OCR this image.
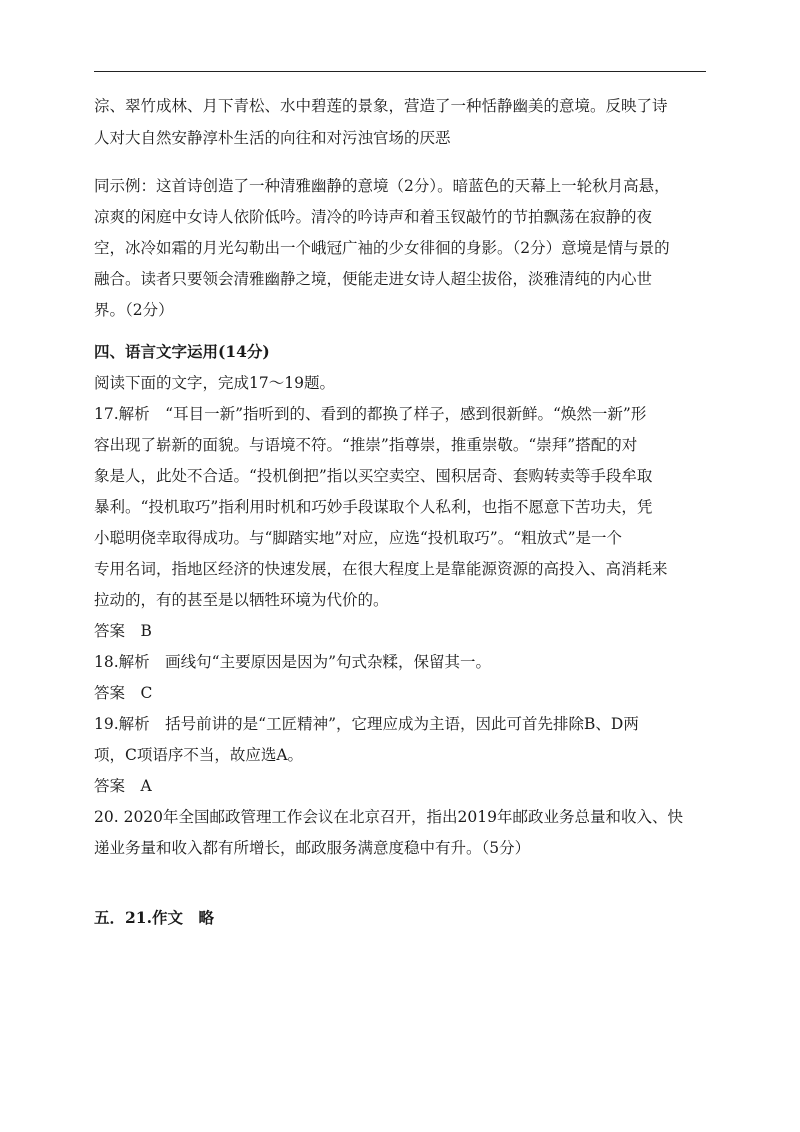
淙、翠竹成林、月下青松、水中碧莲的景象，营造了一种恬静幽美的意境。反映了诗
人对大自然安静淳朴生活的向往和对污浊官场的厌恶
同示例：这首诗创造了一种清雅幽静的意境（2分）。暗蓝色的天幕上一轮秋月高悬，
凉爽的闲庭中女诗人依阶低吟。清冷的吟诗声和着玉钗敲竹的节拍飘荡在寂静的夜
空，冰冷如霜的月光勾勒出一个峨冠广袖的少女徘徊的身影。（2分）意境是情与景的
融合。读者只要领会清雅幽静之境，便能走进女诗人超尘拔俗，淡雅清纯的内心世
界。（2分）
四、语言文字运用(14分)
阅读下面的文字，完成17～19题。
17.解析　“耳目一新”指听到的、看到的都换了样子，感到很新鲜。“焕然一新”形
容出现了崭新的面貌。与语境不符。“推崇”指尊崇，推重崇敬。“崇拜”搭配的对
象是人，此处不合适。“投机倒把”指以买空卖空、囤积居奇、套购转卖等手段牟取
暴利。“投机取巧”指利用时机和巧妙手段谋取个人私利，也指不愿意下苦功夫，凭
小聪明侥幸取得成功。与“脚踏实地”对应，应选“投机取巧”。“粗放式”是一个
专用名词，指地区经济的快速发展，在很大程度上是靠能源资源的高投入、高消耗来
拉动的，有的甚至是以牺牲环境为代价的。
答案　B
18.解析　画线句“主要原因是因为”句式杂糅，保留其一。
答案　C
19.解析　括号前讲的是“工匠精神”，它理应成为主语，因此可首先排除B、D两
项，C项语序不当，故应选A。
答案　A
20. 2020年全国邮政管理工作会议在北京召开，指出2019年邮政业务总量和收入、快
递业务量和收入都有所增长，邮政服务满意度稳中有升。（5分）
五．21.作文　略
